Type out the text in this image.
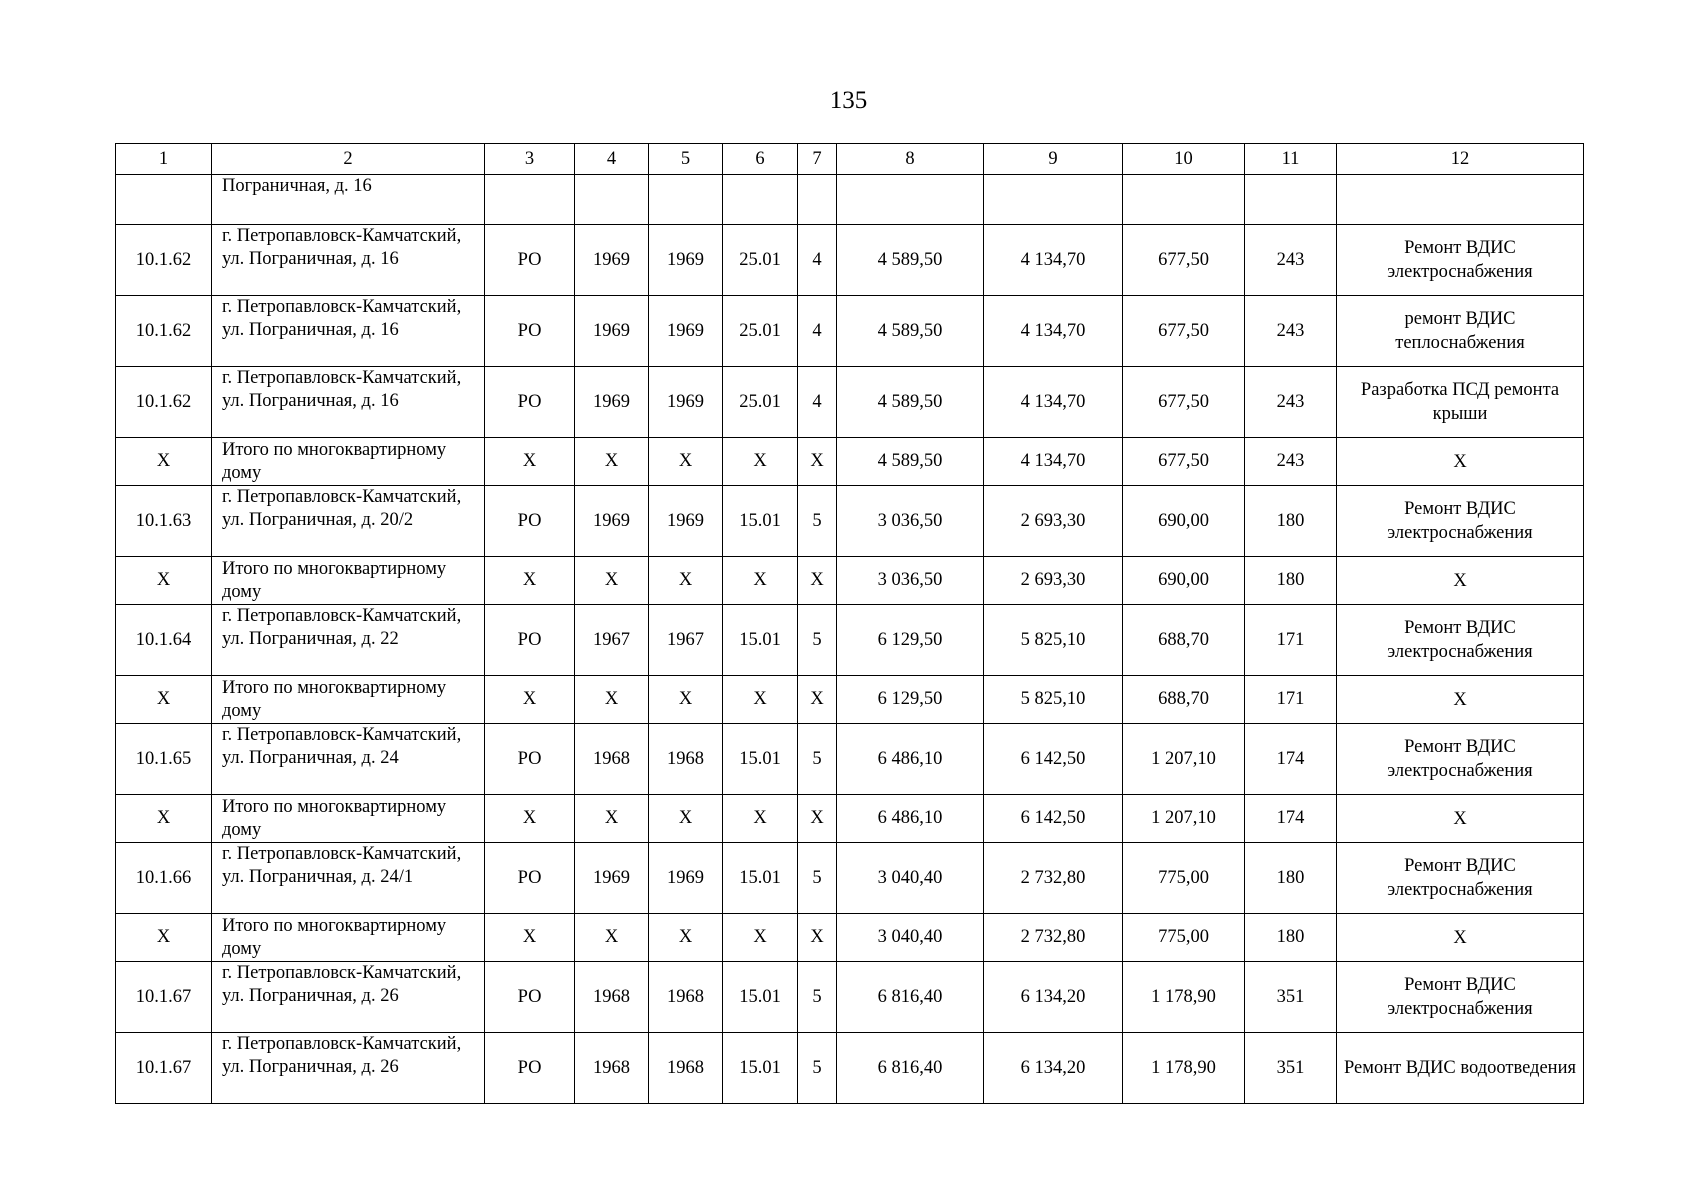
135
1	2	3	4	5	6	7	8	9	10	11	12
	Пограничная, д. 16										
10.1.62	г. Петропавловск-Камчатский, ул. Пограничная, д. 16	РО	1969	1969	25.01	4	4 589,50	4 134,70	677,50	243	Ремонт ВДИС электроснабжения
10.1.62	г. Петропавловск-Камчатский, ул. Пограничная, д. 16	РО	1969	1969	25.01	4	4 589,50	4 134,70	677,50	243	ремонт ВДИС теплоснабжения
10.1.62	г. Петропавловск-Камчатский, ул. Пограничная, д. 16	РО	1969	1969	25.01	4	4 589,50	4 134,70	677,50	243	Разработка ПСД ремонта крыши
Х	Итого по многоквартирному дому	Х	Х	Х	Х	Х	4 589,50	4 134,70	677,50	243	Х
10.1.63	г. Петропавловск-Камчатский, ул. Пограничная, д. 20/2	РО	1969	1969	15.01	5	3 036,50	2 693,30	690,00	180	Ремонт ВДИС электроснабжения
Х	Итого по многоквартирному дому	Х	Х	Х	Х	Х	3 036,50	2 693,30	690,00	180	Х
10.1.64	г. Петропавловск-Камчатский, ул. Пограничная, д. 22	РО	1967	1967	15.01	5	6 129,50	5 825,10	688,70	171	Ремонт ВДИС электроснабжения
Х	Итого по многоквартирному дому	Х	Х	Х	Х	Х	6 129,50	5 825,10	688,70	171	Х
10.1.65	г. Петропавловск-Камчатский, ул. Пограничная, д. 24	РО	1968	1968	15.01	5	6 486,10	6 142,50	1 207,10	174	Ремонт ВДИС электроснабжения
Х	Итого по многоквартирному дому	Х	Х	Х	Х	Х	6 486,10	6 142,50	1 207,10	174	Х
10.1.66	г. Петропавловск-Камчатский, ул. Пограничная, д. 24/1	РО	1969	1969	15.01	5	3 040,40	2 732,80	775,00	180	Ремонт ВДИС электроснабжения
Х	Итого по многоквартирному дому	Х	Х	Х	Х	Х	3 040,40	2 732,80	775,00	180	Х
10.1.67	г. Петропавловск-Камчатский, ул. Пограничная, д. 26	РО	1968	1968	15.01	5	6 816,40	6 134,20	1 178,90	351	Ремонт ВДИС электроснабжения
10.1.67	г. Петропавловск-Камчатский, ул. Пограничная, д. 26	РО	1968	1968	15.01	5	6 816,40	6 134,20	1 178,90	351	Ремонт ВДИС водоотведения
